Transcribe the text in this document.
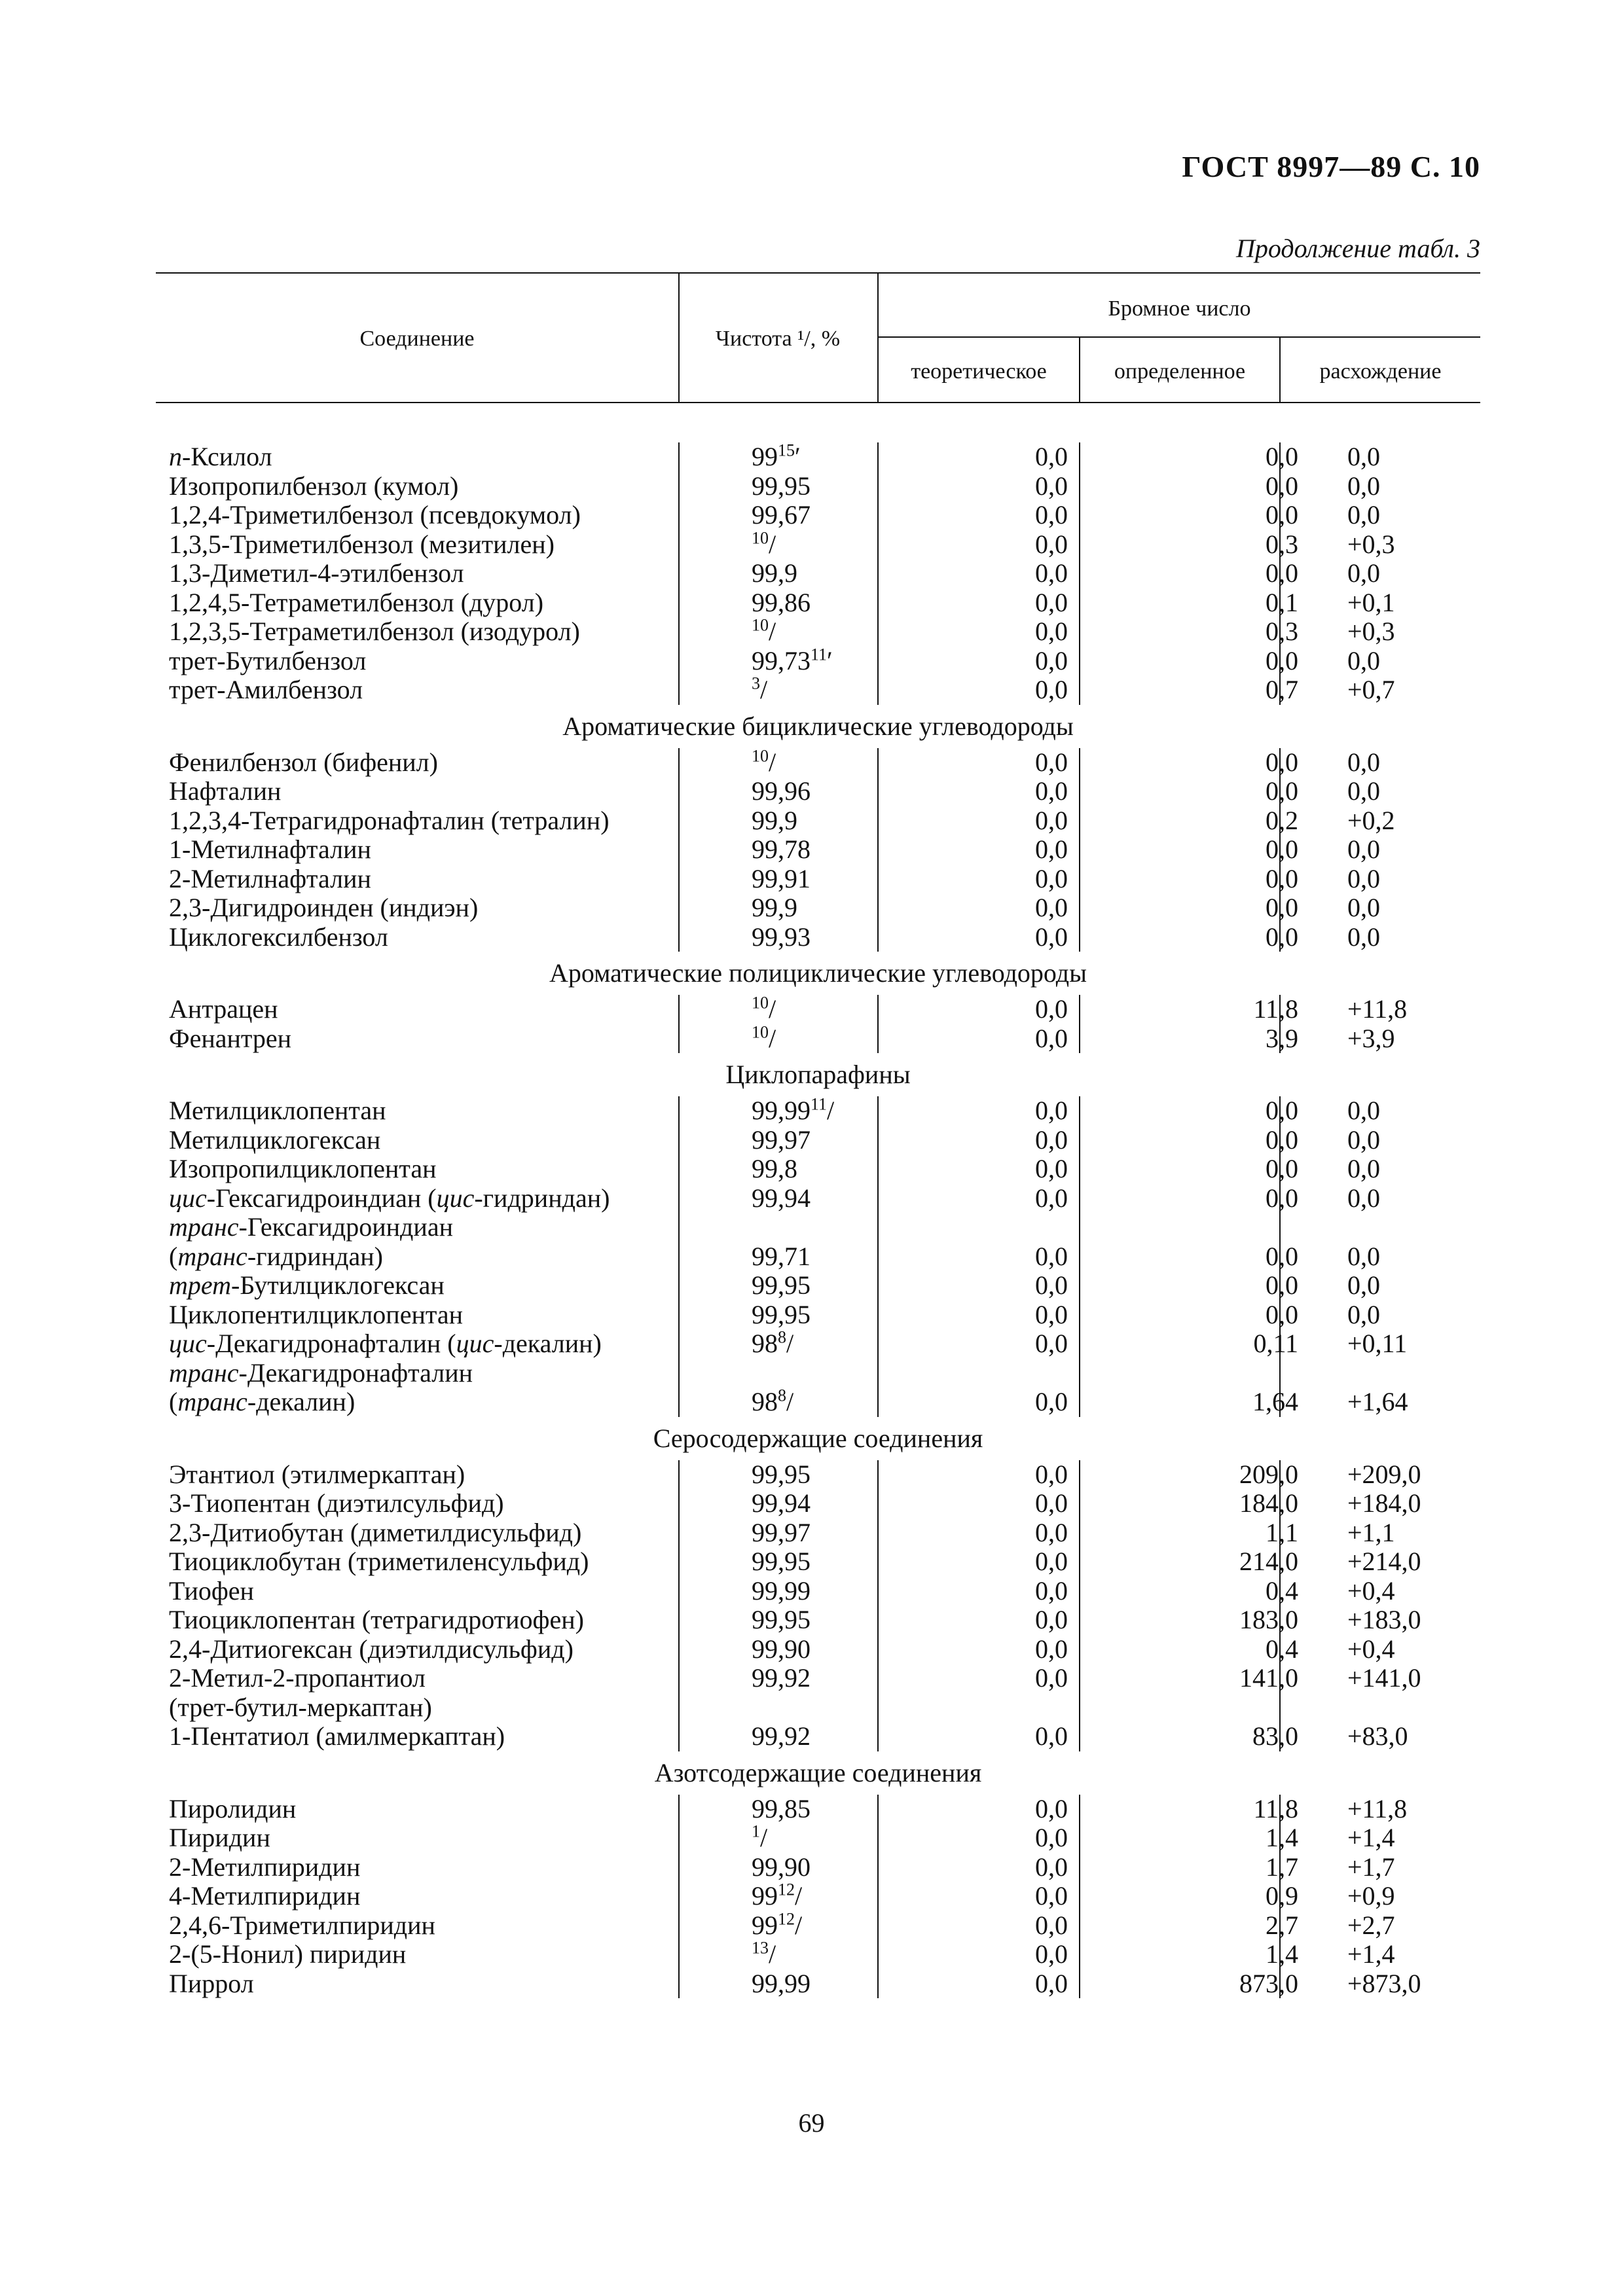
ГОСТ 8997—89 С. 10
Продолжение табл. 3
Соединение	Чистота ¹/, %
Бромное число
теоретическое	определенное	расхождение
n-Ксилол	$99^{15}'$	0,0	0,0 0,0
Изопропилбензол (кумол)	99,95	0,0	0,0 0,0
1,2,4-Триметилбензол (псевдокумол)	99,67	0,0	0,0 0,0
1,3,5-Триметилбензол (мезитилен)	$^{10}$/	0,0	0,3 +0,3
1,3-Диметил-4-этилбензол	99,9	0,0	0,0 0,0
1,2,4,5-Тетраметилбензол (дурол)	99,86	0,0	0,1 +0,1
1,2,3,5-Тетраметилбензол (изодурол)	$^{10}$/	0,0	0,3 +0,3
трет-Бутилбензол	99,73$^{11}$′	0,0	0,0 0,0
трет-Амилбензол	$^3$/	0,0	0,7 +0,7
Ароматические бициклические углеводороды
Фенилбензол (бифенил)	$^{10}$/	0,0	0,0 0,0
Нафталин	99,96	0,0	0,0 0,0
1,2,3,4-Тетрагидронафталин (тетралин)	99,9	0,0	0,2 +0,2
1-Метилнафталин	99,78	0,0	0,0 0,0
2-Метилнафталин	99,91	0,0	0,0 0,0
2,3-Дигидроинден (индиэн)	99,9	0,0	0,0 0,0
Циклогексилбензол	99,93	0,0	0,0 0,0
Ароматические полициклические углеводороды
Антрацен	$^{10}$/	0,0	11,8 +11,8
Фенантрен	$^{10}$/	0,0	3,9 +3,9
Циклопарафины
Метилциклопентан	99,99$^{11}$/	0,0	0,0 0,0
Метилциклогексан	99,97	0,0	0,0 0,0
Изопропилциклопентан	99,8	0,0	0,0 0,0
цис-Гексагидроиндиан (цис-гидриндан)	99,94	0,0	0,0 0,0
транс-Гексагидроиндиан
(транс-гидриндан)	99,71	0,0	0,0 0,0
трет-Бутилциклогексан	99,95	0,0	0,0 0,0
Циклопентилциклопентан	99,95	0,0	0,0 0,0
цис-Декагидронафталин (цис-декалин)	$98^8/$	0,0	0,11 +0,11
транс-Декагидронафталин
(транс-декалин)	$98^8/$	0,0	1,64 +1,64
Серосодержащие соединения
Этантиол (этилмеркаптан)	99,95	0,0	209,0 +209,0
3-Тиопентан (диэтилсульфид)	99,94	0,0	184,0 +184,0
2,3-Дитиобутан (диметилдисульфид)	99,97	0,0	1,1 +1,1
Тиоциклобутан (триметиленсульфид)	99,95	0,0	214,0 +214,0
Тиофен	99,99	0,0	0,4 +0,4
Тиоциклопентан (тетрагидротиофен)	99,95	0,0	183,0 +183,0
2,4-Дитиогексан (диэтилдисульфид)	99,90	0,0	0,4 +0,4
2-Метил-2-пропантиол	99,92	0,0	141,0 +141,0
(трет-бутил-меркаптан)
1-Пентатиол (амилмеркаптан)	99,92	0,0	83,0 +83,0
Азотсодержащие соединения
Пиролидин	99,85	0,0	11,8 +11,8
Пиридин	$^1$/	0,0	1,4 +1,4
2-Метилпиридин	99,90	0,0	1,7 +1,7
4-Метилпиридин	$99^{12}/$	0,0	0,9 +0,9
2,4,6-Триметилпиридин	$99^{12}/$	0,0	2,7 +2,7
2-(5-Нонил) пиридин	$^{13}$/	0,0	1,4 +1,4
Пиррол	99,99	0,0	873,0 +873,0
69
